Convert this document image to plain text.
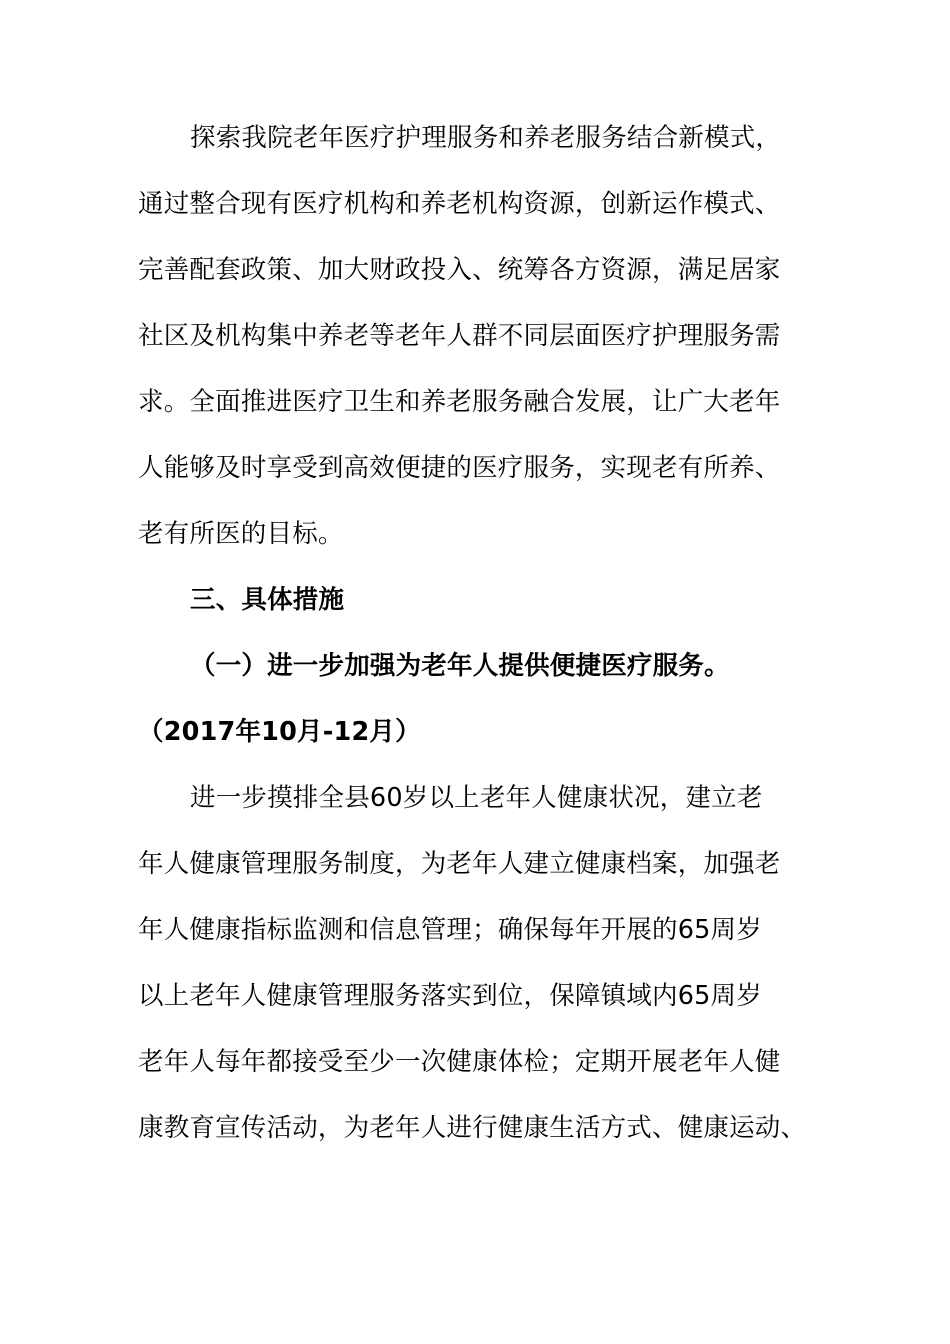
探索我院老年医疗护理服务和养老服务结合新模式，
通过整合现有医疗机构和养老机构资源，创新运作模式、
完善配套政策、加大财政投入、统筹各方资源，满足居家
社区及机构集中养老等老年人群不同层面医疗护理服务需
求。全面推进医疗卫生和养老服务融合发展，让广大老年
人能够及时享受到高效便捷的医疗服务，实现老有所养、
老有所医的目标。
三、具体措施
（一）进一步加强为老年人提供便捷医疗服务。
（2017年10月-12月）
进一步摸排全县60岁以上老年人健康状况，建立老
年人健康管理服务制度，为老年人建立健康档案，加强老
年人健康指标监测和信息管理；确保每年开展的65周岁
以上老年人健康管理服务落实到位，保障镇域内65周岁
老年人每年都接受至少一次健康体检；定期开展老年人健
康教育宣传活动，为老年人进行健康生活方式、健康运动、
